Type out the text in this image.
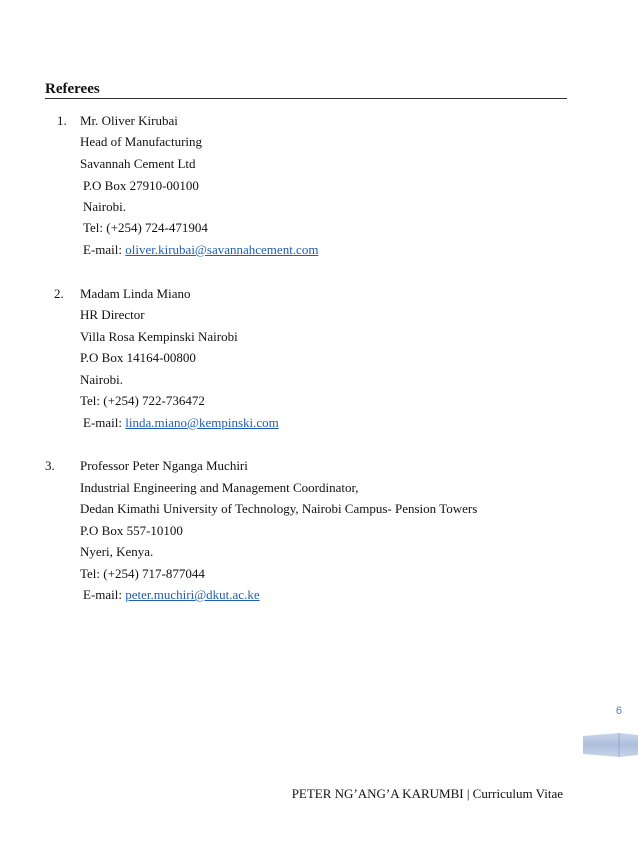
Referees
1. Mr. Oliver Kirubai
Head of Manufacturing
Savannah Cement Ltd
P.O Box 27910-00100
Nairobi.
Tel: (+254) 724-471904
E-mail: oliver.kirubai@savannahcement.com
2. Madam Linda Miano
HR Director
Villa Rosa Kempinski Nairobi
P.O Box 14164-00800
Nairobi.
Tel: (+254) 722-736472
E-mail: linda.miano@kempinski.com
3. Professor Peter Nganga Muchiri
Industrial Engineering and Management Coordinator,
Dedan Kimathi University of Technology, Nairobi Campus- Pension Towers
P.O Box 557-10100
Nyeri, Kenya.
Tel: (+254) 717-877044
E-mail: peter.muchiri@dkut.ac.ke
6
PETER NG’ANG’A KARUMBI | Curriculum Vitae
